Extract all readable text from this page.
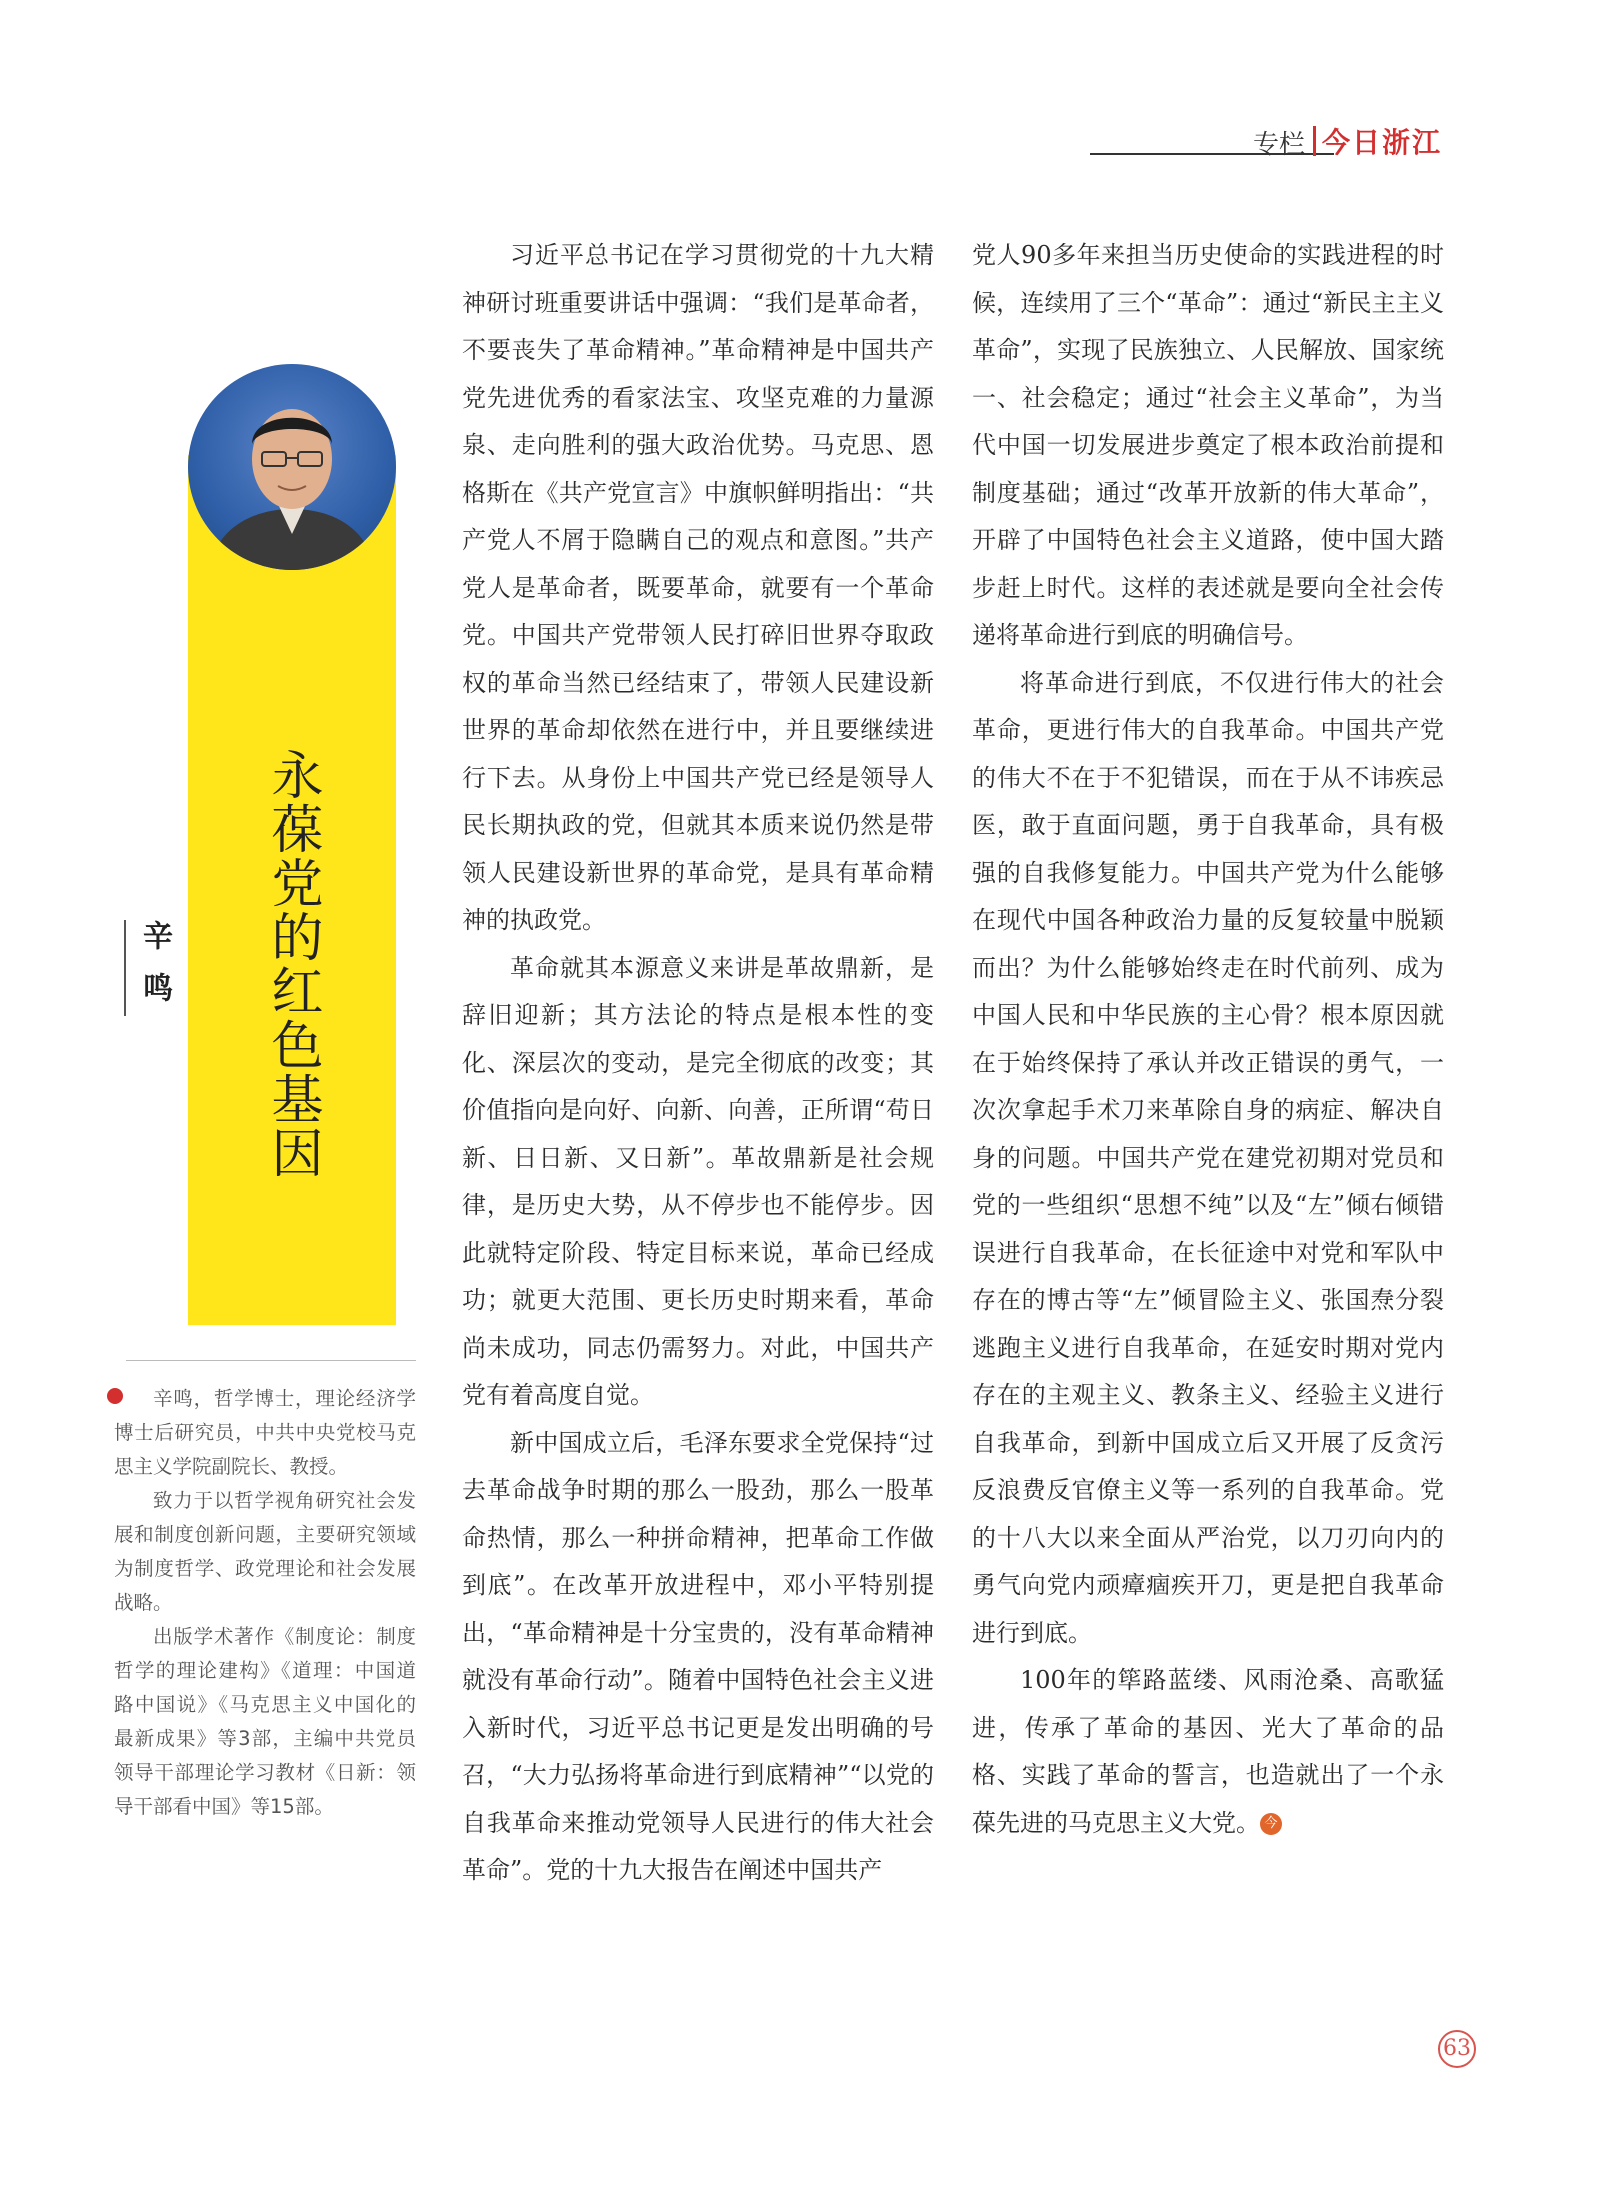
专栏 今日浙江
永葆党的红色基因
辛鸣

辛鸣，哲学博士，理论经济学博士后研究员，中共中央党校马克思主义学院副院长、教授。

致力于以哲学视角研究社会发展和制度创新问题，主要研究领域为制度哲学、政党理论和社会发展战略。

出版学术著作《制度论：制度哲学的理论建构》《道理：中国道路中国说》《马克思主义中国化的最新成果》等3部，主编中共党员领导干部理论学习教材《日新：领导干部看中国》等15部。

习近平总书记在学习贯彻党的十九大精神研讨班重要讲话中强调：“我们是革命者，不要丧失了革命精神。”革命精神是中国共产党先进优秀的看家法宝、攻坚克难的力量源泉、走向胜利的强大政治优势。马克思、恩格斯在《共产党宣言》中旗帜鲜明指出：“共产党人不屑于隐瞒自己的观点和意图。”共产党人是革命者，既要革命，就要有一个革命党。中国共产党带领人民打碎旧世界夺取政权的革命当然已经结束了，带领人民建设新世界的革命却依然在进行中，并且要继续进行下去。从身份上中国共产党已经是领导人民长期执政的党，但就其本质来说仍然是带领人民建设新世界的革命党，是具有革命精神的执政党。

革命就其本源意义来讲是革故鼎新，是辞旧迎新；其方法论的特点是根本性的变化、深层次的变动，是完全彻底的改变；其价值指向是向好、向新、向善，正所谓“苟日新、日日新、又日新”。革故鼎新是社会规律，是历史大势，从不停步也不能停步。因此就特定阶段、特定目标来说，革命已经成功；就更大范围、更长历史时期来看，革命尚未成功，同志仍需努力。对此，中国共产党有着高度自觉。

新中国成立后，毛泽东要求全党保持“过去革命战争时期的那么一股劲，那么一股革命热情，那么一种拼命精神，把革命工作做到底”。在改革开放进程中，邓小平特别提出，“革命精神是十分宝贵的，没有革命精神就没有革命行动”。随着中国特色社会主义进入新时代，习近平总书记更是发出明确的号召，“大力弘扬将革命进行到底精神”“以党的自我革命来推动党领导人民进行的伟大社会革命”。党的十九大报告在阐述中国共产

党人90多年来担当历史使命的实践进程的时候，连续用了三个“革命”：通过“新民主主义革命”，实现了民族独立、人民解放、国家统一、社会稳定；通过“社会主义革命”，为当代中国一切发展进步奠定了根本政治前提和制度基础；通过“改革开放新的伟大革命”，开辟了中国特色社会主义道路，使中国大踏步赶上时代。这样的表述就是要向全社会传递将革命进行到底的明确信号。

将革命进行到底，不仅进行伟大的社会革命，更进行伟大的自我革命。中国共产党的伟大不在于不犯错误，而在于从不讳疾忌医，敢于直面问题，勇于自我革命，具有极强的自我修复能力。中国共产党为什么能够在现代中国各种政治力量的反复较量中脱颖而出？为什么能够始终走在时代前列、成为中国人民和中华民族的主心骨？根本原因就在于始终保持了承认并改正错误的勇气，一次次拿起手术刀来革除自身的病症、解决自身的问题。中国共产党在建党初期对党员和党的一些组织“思想不纯”以及“左”倾右倾错误进行自我革命，在长征途中对党和军队中存在的博古等“左”倾冒险主义、张国焘分裂逃跑主义进行自我革命，在延安时期对党内存在的主观主义、教条主义、经验主义进行自我革命，到新中国成立后又开展了反贪污反浪费反官僚主义等一系列的自我革命。党的十八大以来全面从严治党，以刀刃向内的勇气向党内顽瘴痼疾开刀，更是把自我革命进行到底。

100年的筚路蓝缕、风雨沧桑、高歌猛进，传承了革命的基因、光大了革命的品格、实践了革命的誓言，也造就出了一个永葆先进的马克思主义大党。 今

63
